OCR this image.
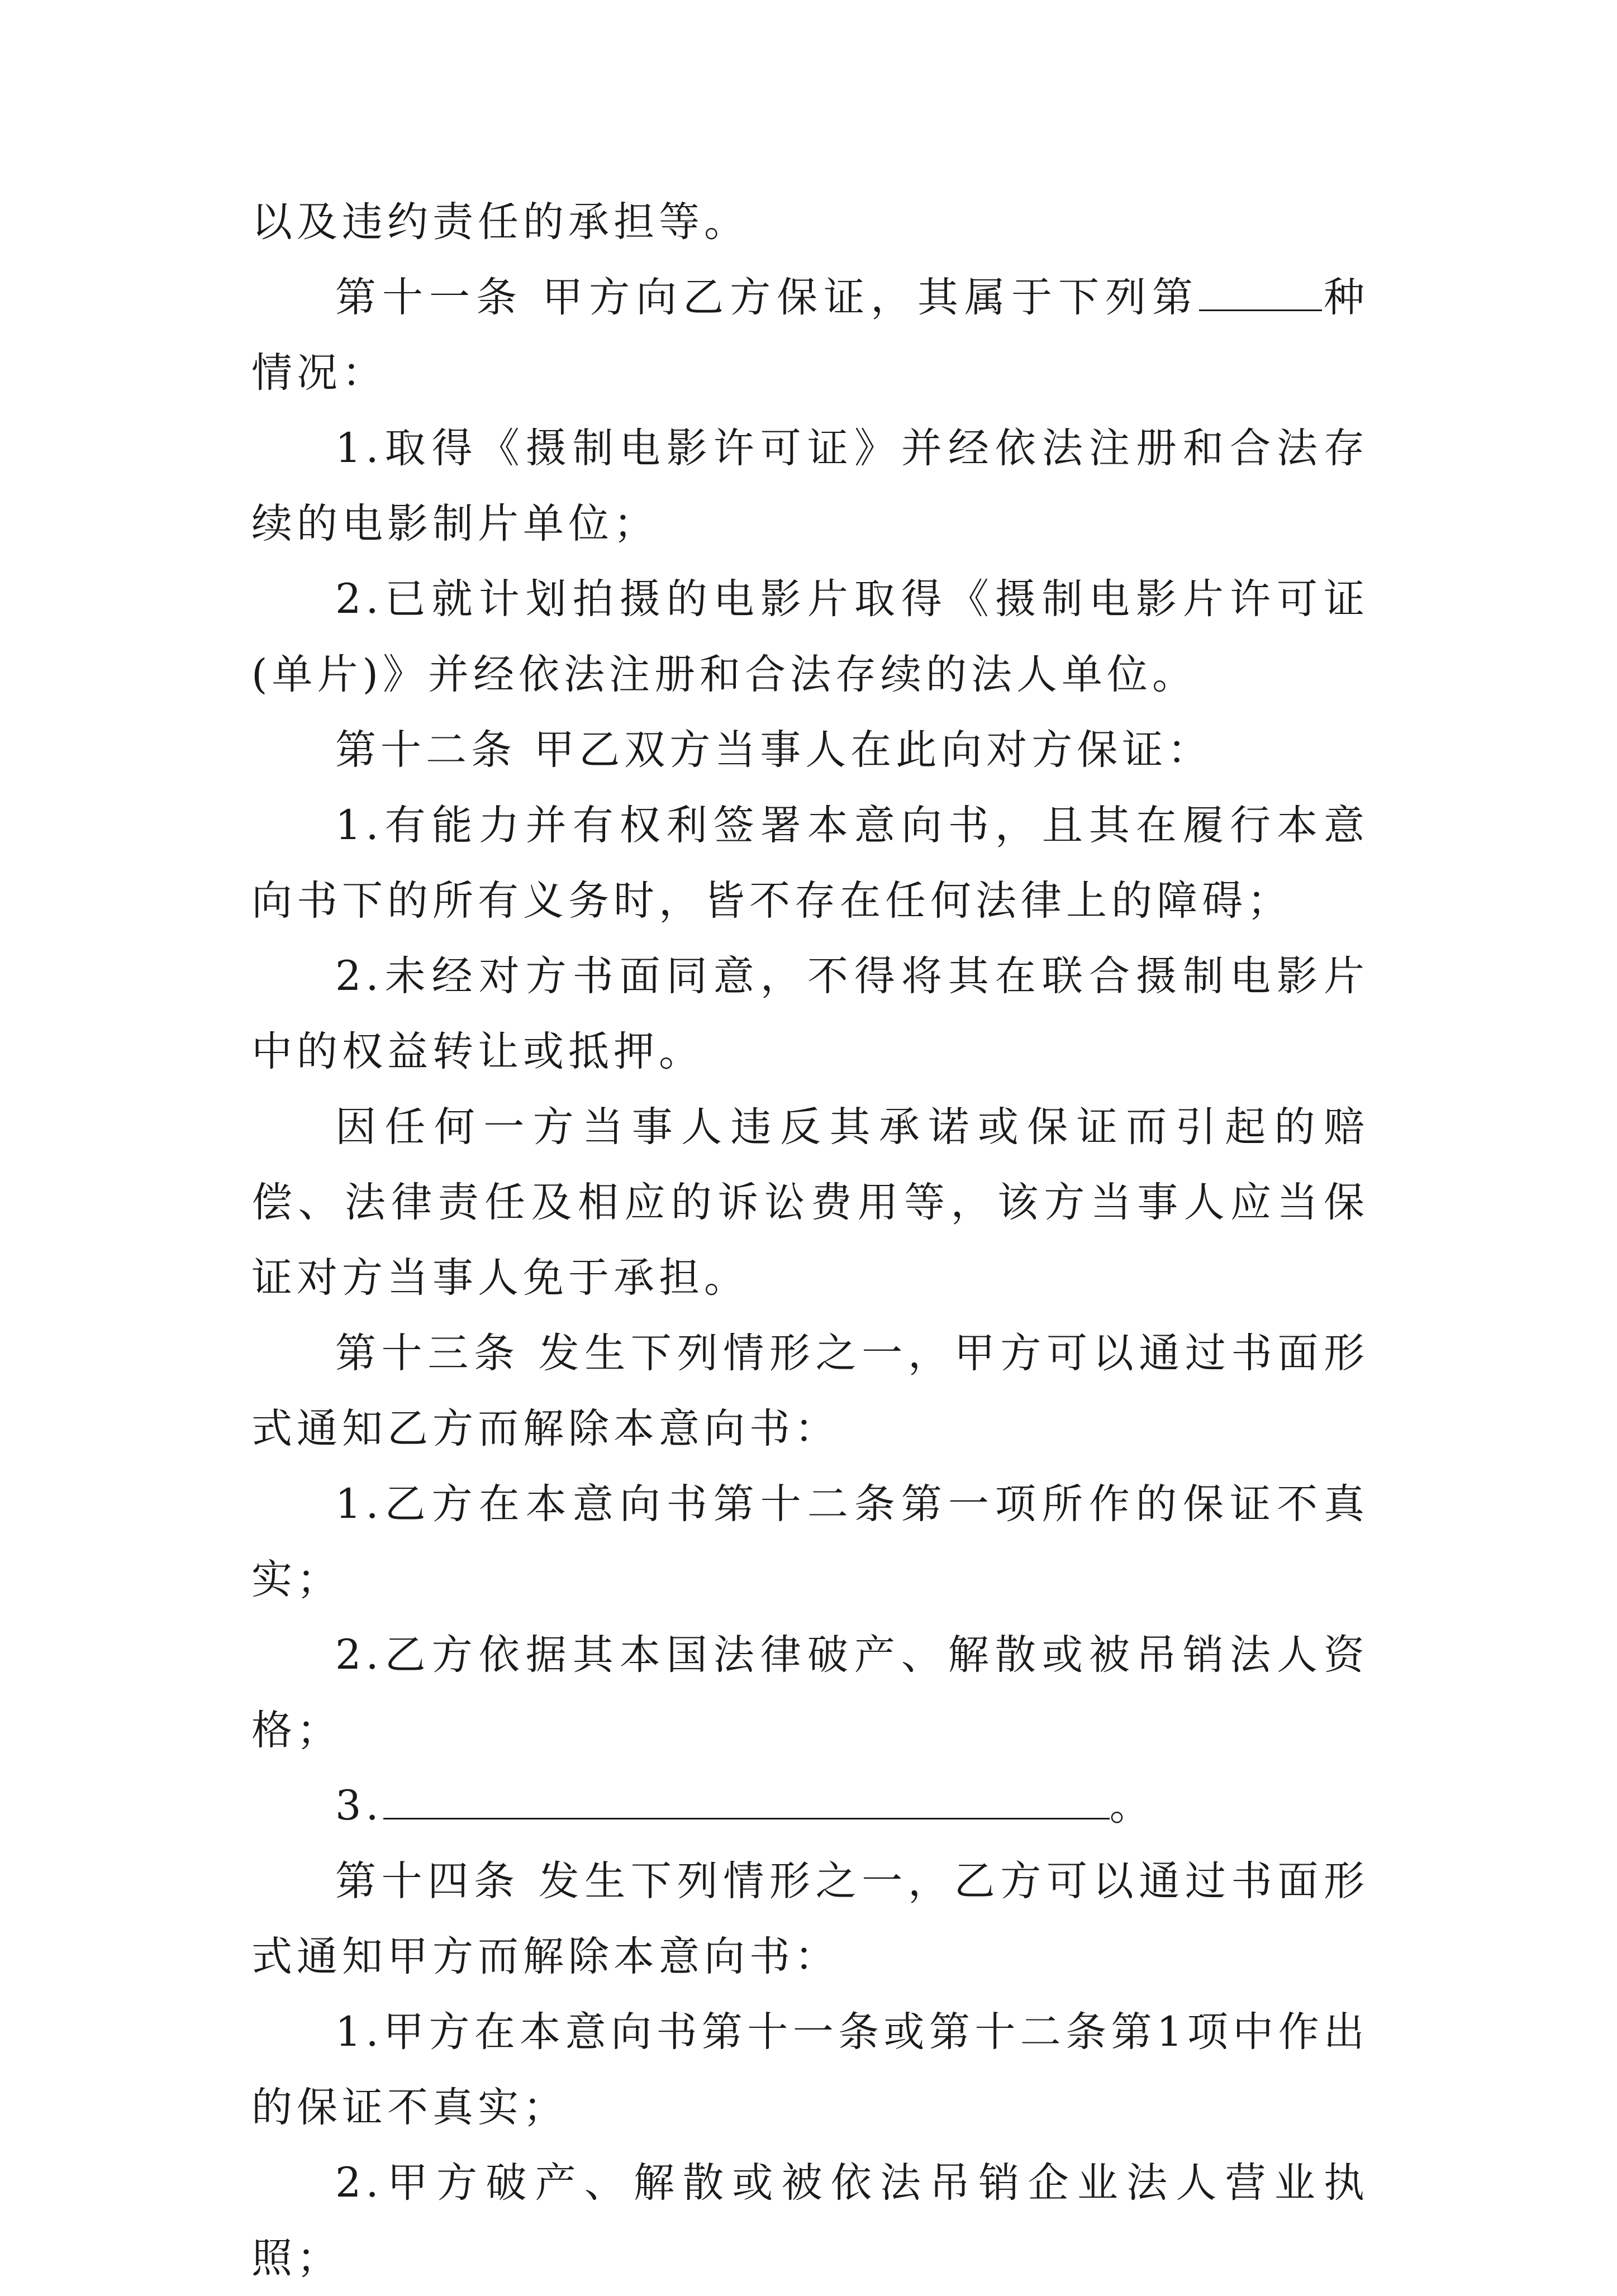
以及违约责任的承担等。

第十一条 甲方向乙方保证，其属于下列第	种情况：

1.取得《摄制电影许可证》并经依法注册和合法存续的电影制片单位；

2.已就计划拍摄的电影片取得《摄制电影片许可证(单片)》并经依法注册和合法存续的法人单位。

第十二条 甲乙双方当事人在此向对方保证：

1.有能力并有权利签署本意向书，且其在履行本意向书下的所有义务时，皆不存在任何法律上的障碍；

2.未经对方书面同意，不得将其在联合摄制电影片中的权益转让或抵押。

因任何一方当事人违反其承诺或保证而引起的赔偿、法律责任及相应的诉讼费用等，该方当事人应当保证对方当事人免于承担。

第十三条 发生下列情形之一，甲方可以通过书面形式通知乙方而解除本意向书：

1.乙方在本意向书第十二条第一项所作的保证不真实；

2.乙方依据其本国法律破产、解散或被吊销法人资格；

3.	。

第十四条 发生下列情形之一，乙方可以通过书面形式通知甲方而解除本意向书：

1.甲方在本意向书第十一条或第十二条第1项中作出的保证不真实；

2.甲方破产、解散或被依法吊销企业法人营业执照；
